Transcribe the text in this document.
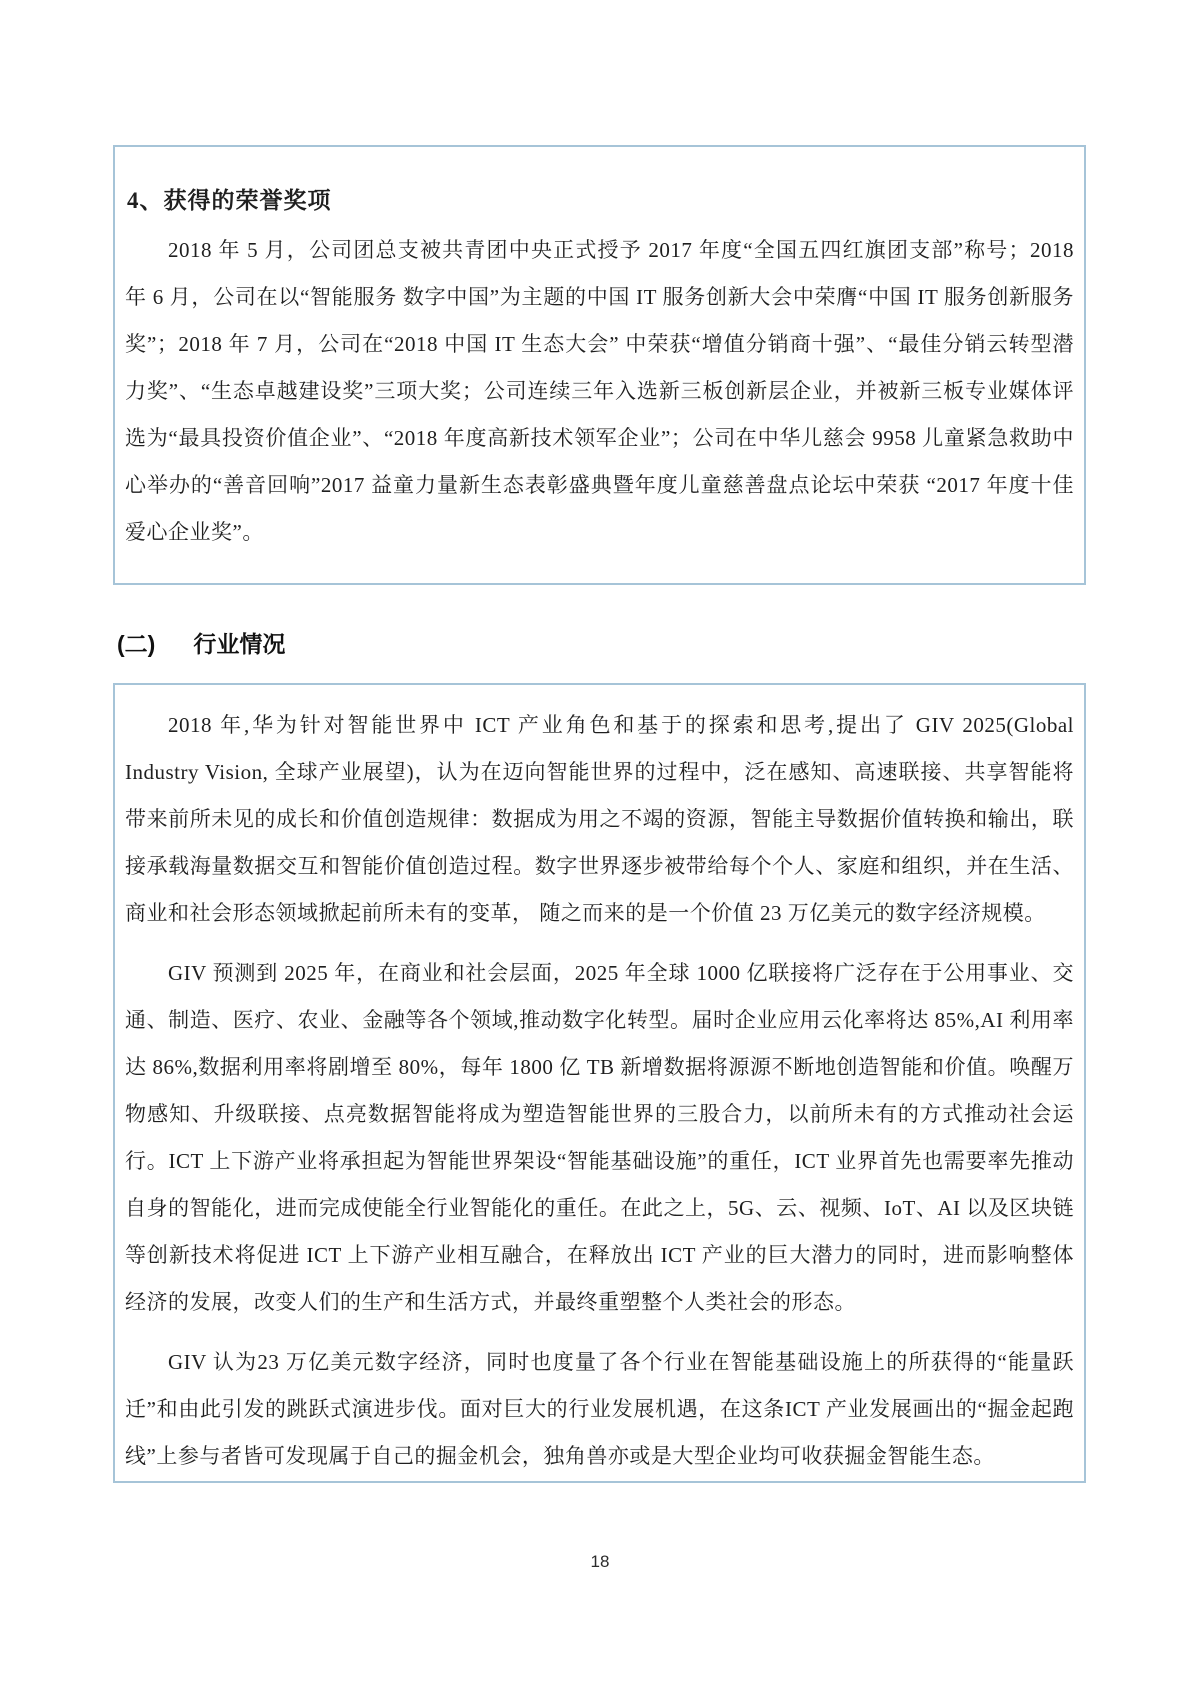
4、获得的荣誉奖项

2018 年 5 月，公司团总支被共青团中央正式授予 2017 年度“全国五四红旗团支部”称号；2018 年 6 月，公司在以“智能服务 数字中国”为主题的中国 IT 服务创新大会中荣膺“中国 IT 服务创新服务奖”；2018 年 7 月，公司在“2018 中国 IT 生态大会” 中荣获“增值分销商十强”、“最佳分销云转型潜力奖”、“生态卓越建设奖”三项大奖；公司连续三年入选新三板创新层企业，并被新三板专业媒体评选为“最具投资价值企业”、“2018 年度高新技术领军企业”；公司在中华儿慈会 9958 儿童紧急救助中心举办的“善音回响”2017 益童力量新生态表彰盛典暨年度儿童慈善盘点论坛中荣获 “2017 年度十佳爱心企业奖”。

(二) 行业情况

2018 年,华为针对智能世界中 ICT 产业角色和基于的探索和思考,提出了 GIV 2025(Global Industry Vision, 全球产业展望)，认为在迈向智能世界的过程中，泛在感知、高速联接、共享智能将带来前所未见的成长和价值创造规律：数据成为用之不竭的资源，智能主导数据价值转换和输出，联接承载海量数据交互和智能价值创造过程。数字世界逐步被带给每个个人、家庭和组织，并在生活、商业和社会形态领域掀起前所未有的变革， 随之而来的是一个价值 23 万亿美元的数字经济规模。

GIV 预测到 2025 年，在商业和社会层面，2025 年全球 1000 亿联接将广泛存在于公用事业、交通、制造、医疗、农业、金融等各个领域,推动数字化转型。届时企业应用云化率将达 85%,AI 利用率达 86%,数据利用率将剧增至 80%，每年 1800 亿 TB 新增数据将源源不断地创造智能和价值。唤醒万物感知、升级联接、点亮数据智能将成为塑造智能世界的三股合力，以前所未有的方式推动社会运行。ICT 上下游产业将承担起为智能世界架设“智能基础设施”的重任，ICT 业界首先也需要率先推动自身的智能化，进而完成使能全行业智能化的重任。在此之上，5G、云、视频、IoT、AI 以及区块链等创新技术将促进 ICT 上下游产业相互融合，在释放出 ICT 产业的巨大潜力的同时，进而影响整体经济的发展，改变人们的生产和生活方式，并最终重塑整个人类社会的形态。

GIV 认为23 万亿美元数字经济，同时也度量了各个行业在智能基础设施上的所获得的“能量跃迁”和由此引发的跳跃式演进步伐。面对巨大的行业发展机遇，在这条ICT 产业发展画出的“掘金起跑线”上参与者皆可发现属于自己的掘金机会，独角兽亦或是大型企业均可收获掘金智能生态。

18
